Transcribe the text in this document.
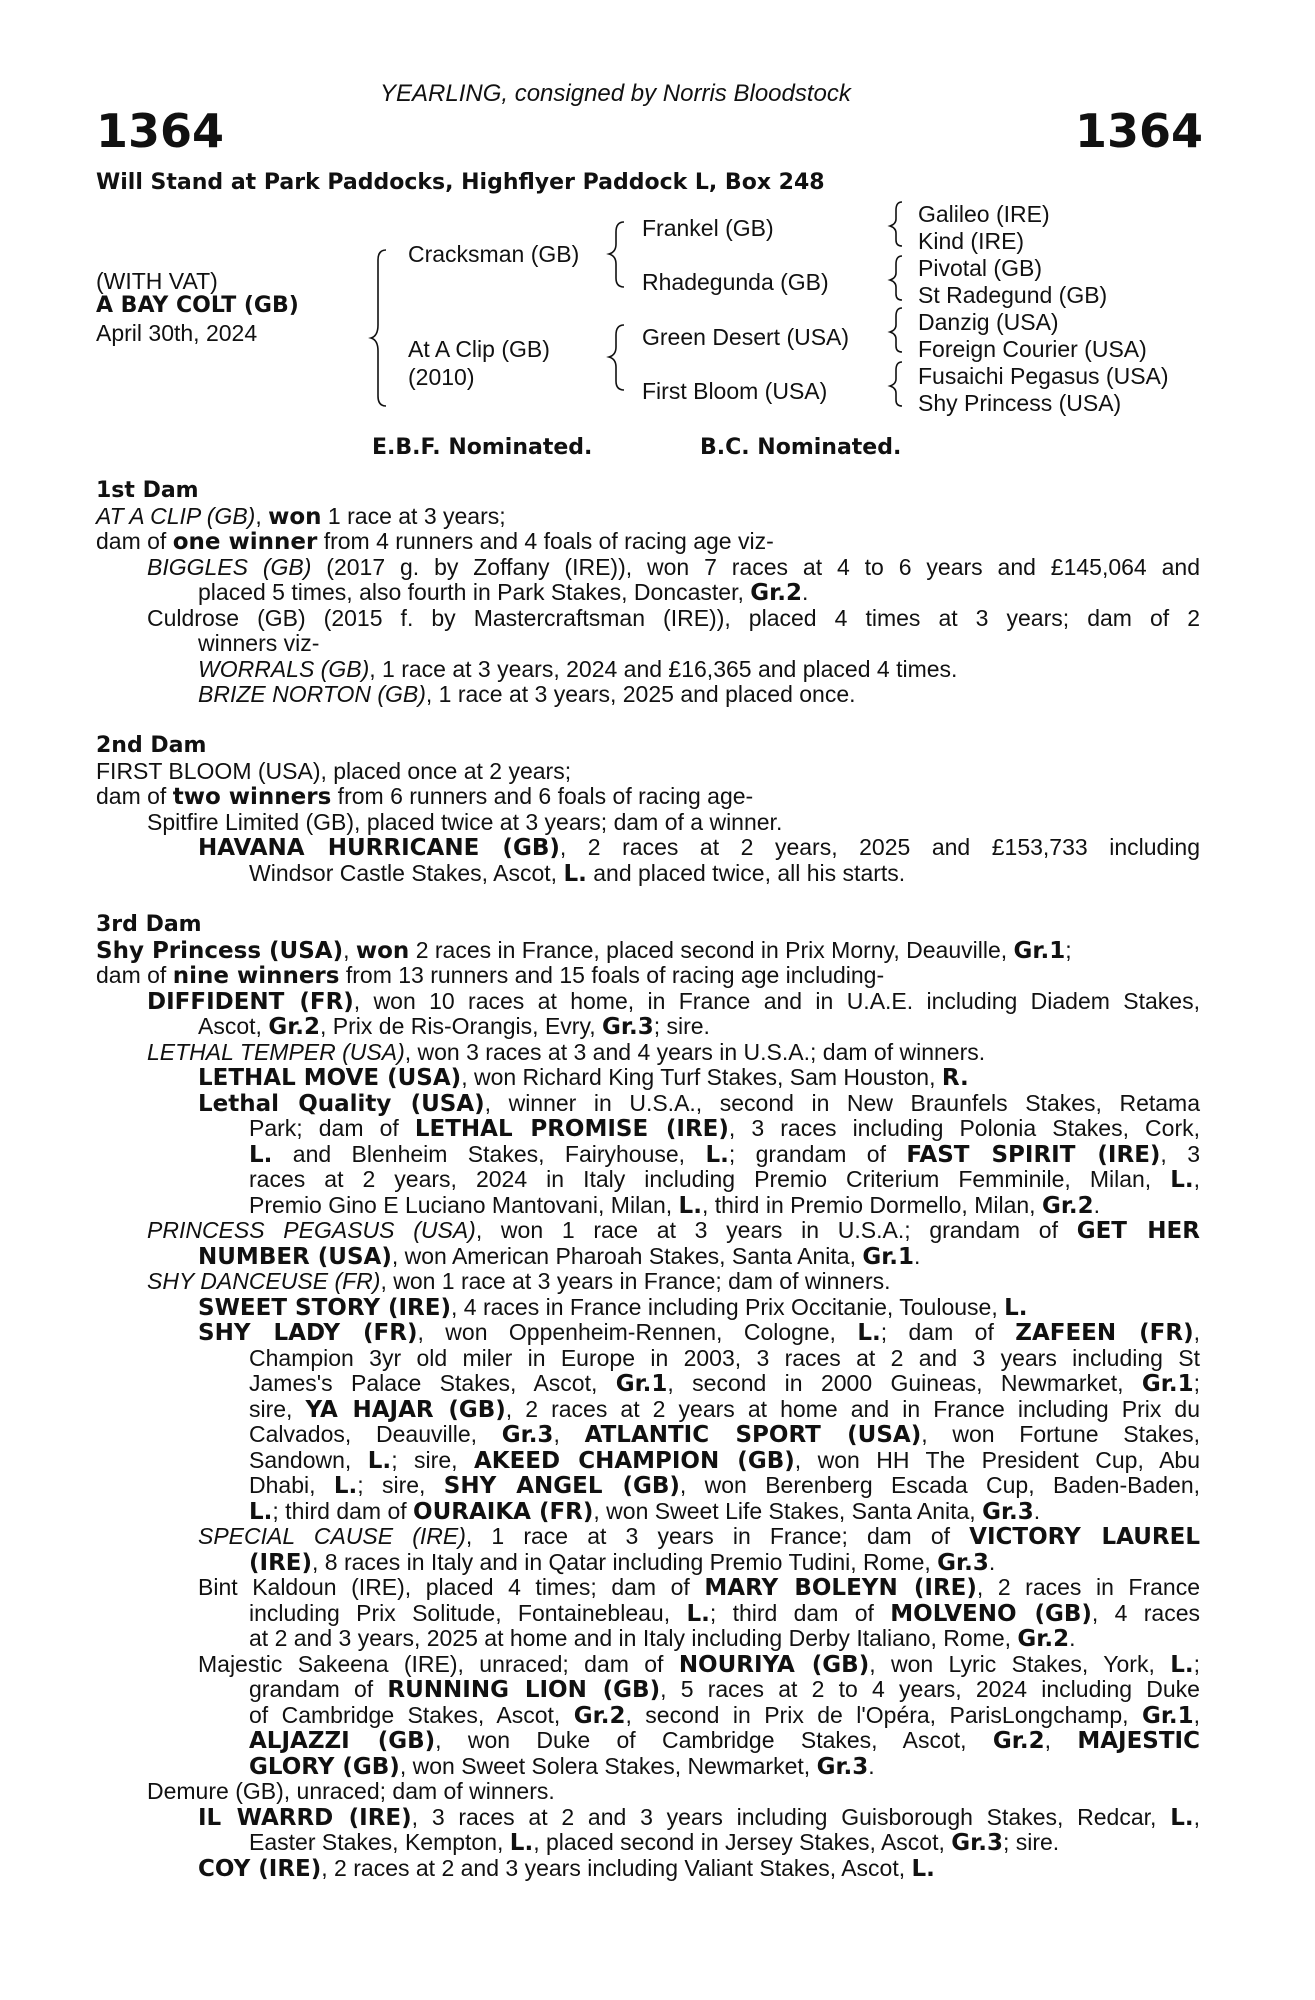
YEARLING, consigned by Norris Bloodstock
1364	1364
Will Stand at Park Paddocks, Highflyer Paddock L, Box 248
(WITH VAT)
A BAY COLT (GB)
April 30th, 2024
Cracksman (GB)
At A Clip (GB)
(2010)
Frankel (GB)
Rhadegunda (GB)
Green Desert (USA)
First Bloom (USA)
Galileo (IRE)
Kind (IRE)
Pivotal (GB)
St Radegund (GB)
Danzig (USA)
Foreign Courier (USA)
Fusaichi Pegasus (USA)
Shy Princess (USA)
E.B.F. Nominated.	B.C. Nominated.
1st Dam
AT A CLIP (GB), won 1 race at 3 years;
dam of one winner from 4 runners and 4 foals of racing age viz-
BIGGLES (GB) (2017 g. by Zoffany (IRE)), won 7 races at 4 to 6 years and £145,064 and
placed 5 times, also fourth in Park Stakes, Doncaster, Gr.2.
Culdrose (GB) (2015 f. by Mastercraftsman (IRE)), placed 4 times at 3 years; dam of 2
winners viz-
WORRALS (GB), 1 race at 3 years, 2024 and £16,365 and placed 4 times.
BRIZE NORTON (GB), 1 race at 3 years, 2025 and placed once.
2nd Dam
FIRST BLOOM (USA), placed once at 2 years;
dam of two winners from 6 runners and 6 foals of racing age-
Spitfire Limited (GB), placed twice at 3 years; dam of a winner.
HAVANA HURRICANE (GB), 2 races at 2 years, 2025 and £153,733 including
Windsor Castle Stakes, Ascot, L. and placed twice, all his starts.
3rd Dam
Shy Princess (USA), won 2 races in France, placed second in Prix Morny, Deauville, Gr.1;
dam of nine winners from 13 runners and 15 foals of racing age including-
DIFFIDENT (FR), won 10 races at home, in France and in U.A.E. including Diadem Stakes,
Ascot, Gr.2, Prix de Ris-Orangis, Evry, Gr.3; sire.
LETHAL TEMPER (USA), won 3 races at 3 and 4 years in U.S.A.; dam of winners.
LETHAL MOVE (USA), won Richard King Turf Stakes, Sam Houston, R.
Lethal Quality (USA), winner in U.S.A., second in New Braunfels Stakes, Retama
Park; dam of LETHAL PROMISE (IRE), 3 races including Polonia Stakes, Cork,
L. and Blenheim Stakes, Fairyhouse, L.; grandam of FAST SPIRIT (IRE), 3
races at 2 years, 2024 in Italy including Premio Criterium Femminile, Milan, L.,
Premio Gino E Luciano Mantovani, Milan, L., third in Premio Dormello, Milan, Gr.2.
PRINCESS PEGASUS (USA), won 1 race at 3 years in U.S.A.; grandam of GET HER
NUMBER (USA), won American Pharoah Stakes, Santa Anita, Gr.1.
SHY DANCEUSE (FR), won 1 race at 3 years in France; dam of winners.
SWEET STORY (IRE), 4 races in France including Prix Occitanie, Toulouse, L.
SHY LADY (FR), won Oppenheim-Rennen, Cologne, L.; dam of ZAFEEN (FR),
Champion 3yr old miler in Europe in 2003, 3 races at 2 and 3 years including St
James's Palace Stakes, Ascot, Gr.1, second in 2000 Guineas, Newmarket, Gr.1;
sire, YA HAJAR (GB), 2 races at 2 years at home and in France including Prix du
Calvados, Deauville, Gr.3, ATLANTIC SPORT (USA), won Fortune Stakes,
Sandown, L.; sire, AKEED CHAMPION (GB), won HH The President Cup, Abu
Dhabi, L.; sire, SHY ANGEL (GB), won Berenberg Escada Cup, Baden-Baden,
L.; third dam of OURAIKA (FR), won Sweet Life Stakes, Santa Anita, Gr.3.
SPECIAL CAUSE (IRE), 1 race at 3 years in France; dam of VICTORY LAUREL
(IRE), 8 races in Italy and in Qatar including Premio Tudini, Rome, Gr.3.
Bint Kaldoun (IRE), placed 4 times; dam of MARY BOLEYN (IRE), 2 races in France
including Prix Solitude, Fontainebleau, L.; third dam of MOLVENO (GB), 4 races
at 2 and 3 years, 2025 at home and in Italy including Derby Italiano, Rome, Gr.2.
Majestic Sakeena (IRE), unraced; dam of NOURIYA (GB), won Lyric Stakes, York, L.;
grandam of RUNNING LION (GB), 5 races at 2 to 4 years, 2024 including Duke
of Cambridge Stakes, Ascot, Gr.2, second in Prix de l'Opéra, ParisLongchamp, Gr.1,
ALJAZZI (GB), won Duke of Cambridge Stakes, Ascot, Gr.2, MAJESTIC
GLORY (GB), won Sweet Solera Stakes, Newmarket, Gr.3.
Demure (GB), unraced; dam of winners.
IL WARRD (IRE), 3 races at 2 and 3 years including Guisborough Stakes, Redcar, L.,
Easter Stakes, Kempton, L., placed second in Jersey Stakes, Ascot, Gr.3; sire.
COY (IRE), 2 races at 2 and 3 years including Valiant Stakes, Ascot, L.
